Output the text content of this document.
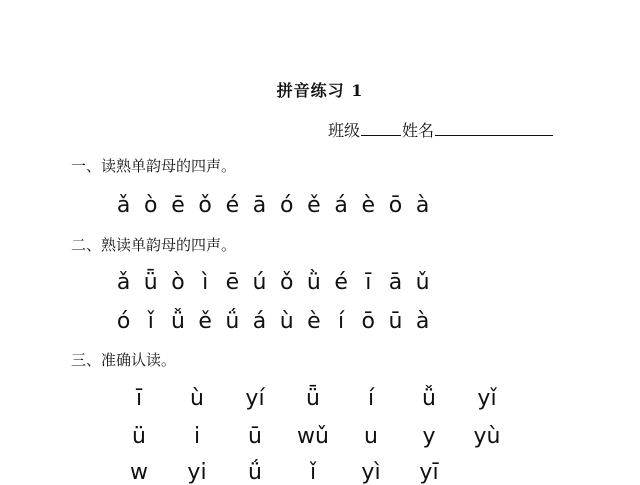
拼音练习 1
班级	姓名
一、读熟单韵母的四声。
ǎ ò ē ǒ é ā ó ě á è ō à
二、熟读单韵母的四声。
ǎ ǖ ò ì ē ú ǒ ǜ é ī ā ǔ
ó ǐ ǚ ě ǘ á ù è í ō ū à
三、准确认读。
ī	ù	yí	ǖ	í	ǚ	yǐ
ü	i	ū	wǔ	u	y	yù
w	yi	ǘ	ǐ	yì	yī
